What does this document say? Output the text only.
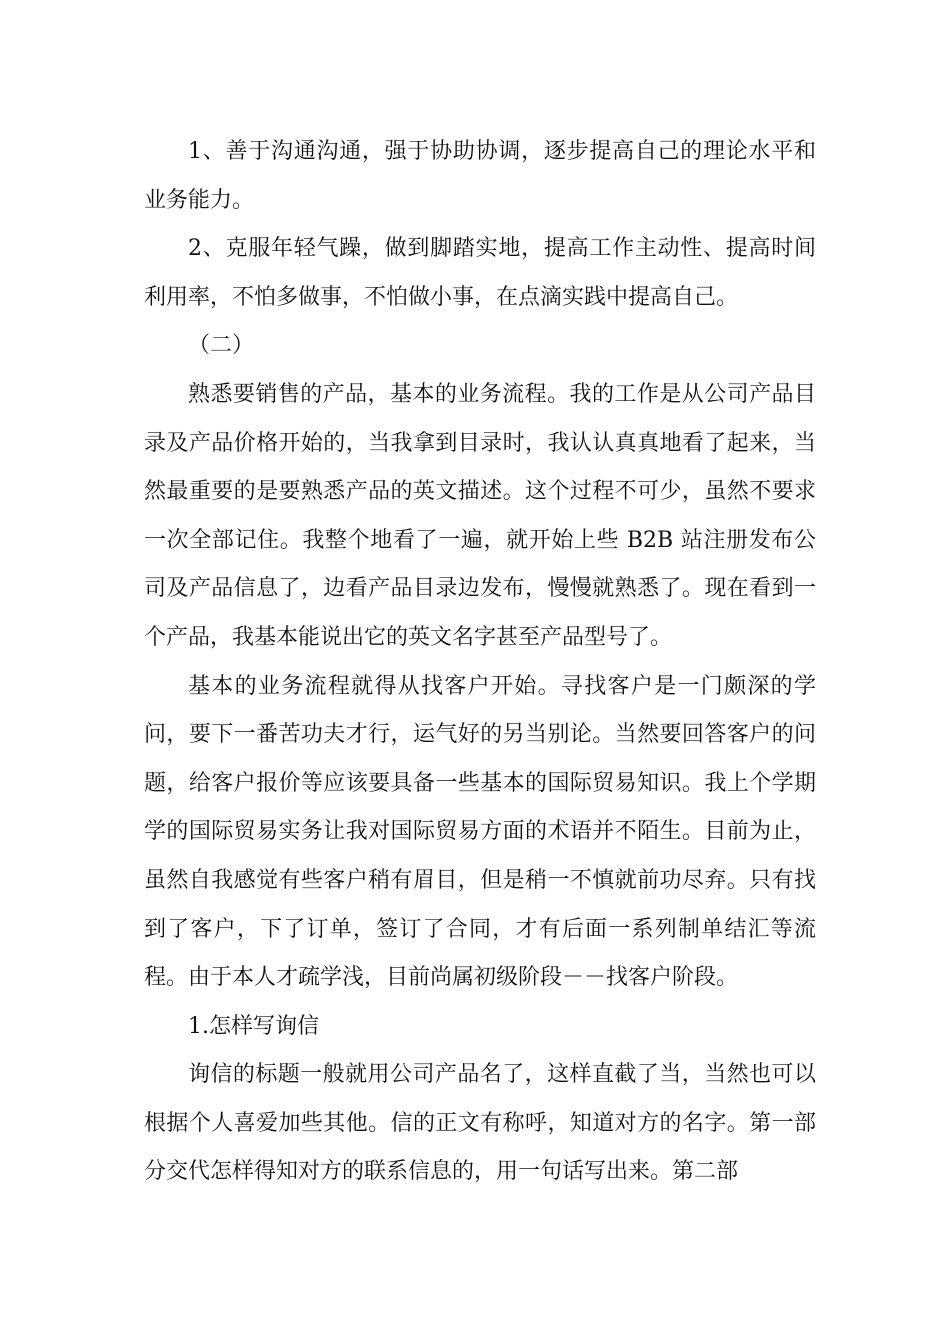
1、善于沟通沟通，强于协助协调，逐步提高自己的理论水平和业务能力。

2、克服年轻气躁，做到脚踏实地，提高工作主动性、提高时间利用率，不怕多做事，不怕做小事，在点滴实践中提高自己。

（二）

熟悉要销售的产品，基本的业务流程。我的工作是从公司产品目录及产品价格开始的，当我拿到目录时，我认认真真地看了起来，当然最重要的是要熟悉产品的英文描述。这个过程不可少，虽然不要求一次全部记住。我整个地看了一遍，就开始上些 B2B 站注册发布公司及产品信息了，边看产品目录边发布，慢慢就熟悉了。现在看到一个产品，我基本能说出它的英文名字甚至产品型号了。

基本的业务流程就得从找客户开始。寻找客户是一门颇深的学问，要下一番苦功夫才行，运气好的另当别论。当然要回答客户的问题，给客户报价等应该要具备一些基本的国际贸易知识。我上个学期学的国际贸易实务让我对国际贸易方面的术语并不陌生。目前为止，虽然自我感觉有些客户稍有眉目，但是稍一不慎就前功尽弃。只有找到了客户，下了订单，签订了合同，才有后面一系列制单结汇等流程。由于本人才疏学浅，目前尚属初级阶段－－找客户阶段。

1.怎样写询信

询信的标题一般就用公司产品名了，这样直截了当，当然也可以根据个人喜爱加些其他。信的正文有称呼，知道对方的名字。第一部分交代怎样得知对方的联系信息的，用一句话写出来。第二部
